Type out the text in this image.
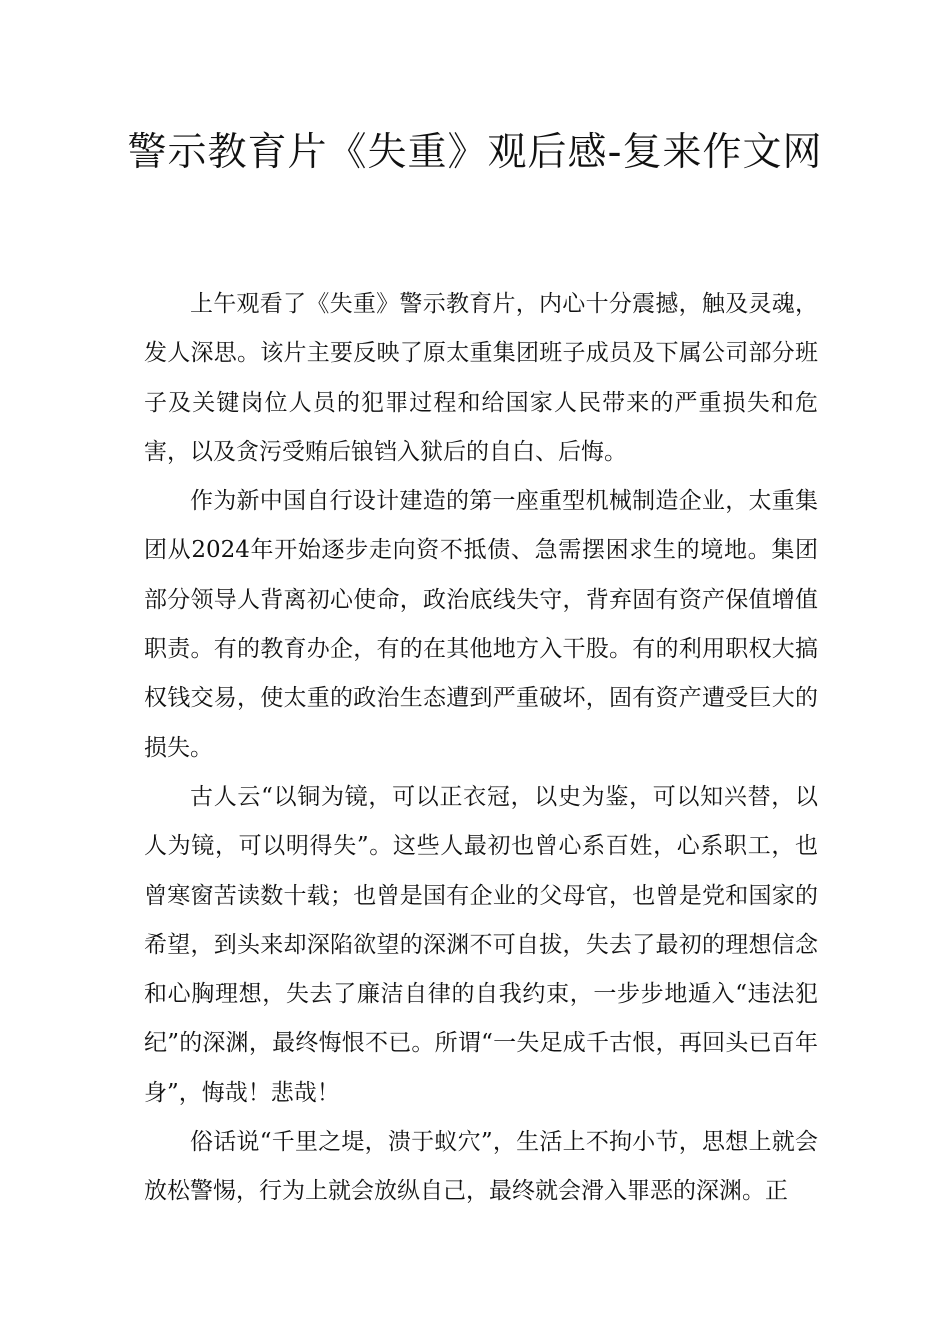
警示教育片《失重》观后感-复来作文网

上午观看了《失重》警示教育片，内心十分震撼，触及灵魂，发人深思。该片主要反映了原太重集团班子成员及下属公司部分班子及关键岗位人员的犯罪过程和给国家人民带来的严重损失和危害，以及贪污受贿后锒铛入狱后的自白、后悔。

作为新中国自行设计建造的第一座重型机械制造企业，太重集团从2024年开始逐步走向资不抵债、急需摆困求生的境地。集团部分领导人背离初心使命，政治底线失守，背弃固有资产保值增值职责。有的教育办企，有的在其他地方入干股。有的利用职权大搞权钱交易，使太重的政治生态遭到严重破坏，固有资产遭受巨大的损失。

古人云“以铜为镜，可以正衣冠，以史为鉴，可以知兴替，以人为镜，可以明得失”。这些人最初也曾心系百姓，心系职工，也曾寒窗苦读数十载；也曾是国有企业的父母官，也曾是党和国家的希望，到头来却深陷欲望的深渊不可自拔，失去了最初的理想信念和心胸理想，失去了廉洁自律的自我约束，一步步地遁入“违法犯纪”的深渊，最终悔恨不已。所谓“一失足成千古恨，再回头已百年身”，悔哉！悲哉！

俗话说“千里之堤，溃于蚁穴”，生活上不拘小节，思想上就会放松警惕，行为上就会放纵自己，最终就会滑入罪恶的深渊。正
